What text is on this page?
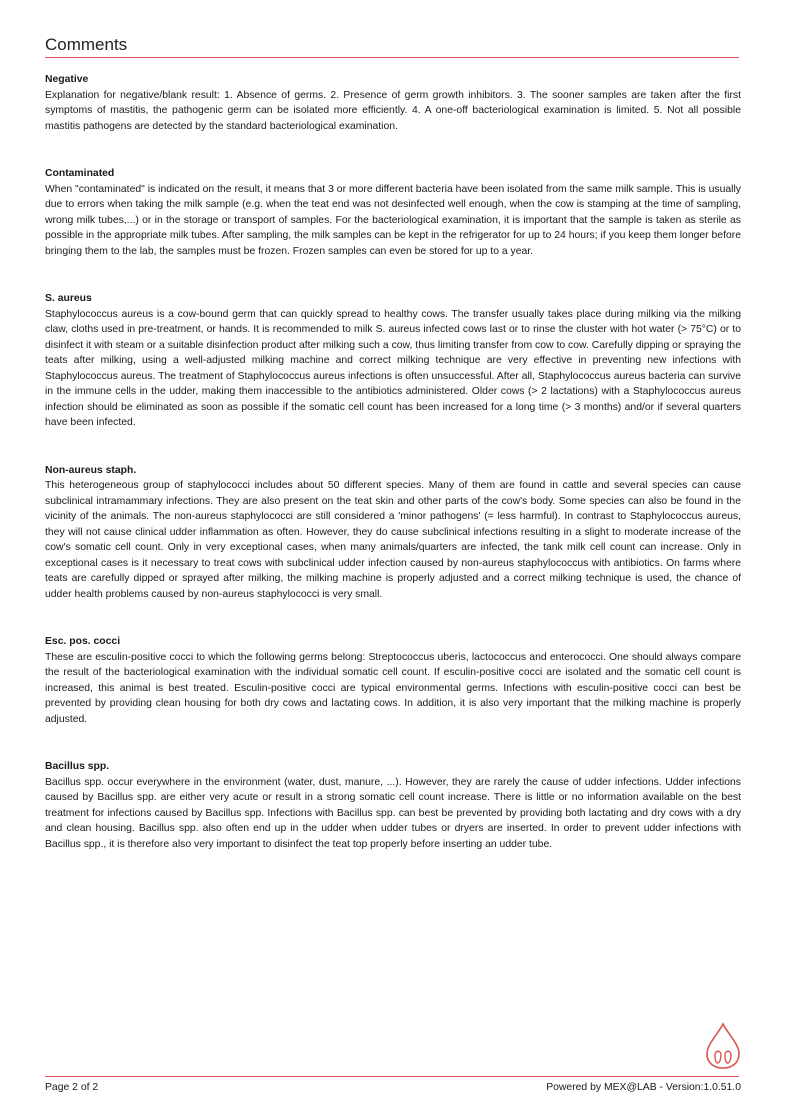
Comments

Negative

Explanation for negative/blank result: 1. Absence of germs. 2. Presence of germ growth inhibitors. 3. The sooner samples are taken after the first symptoms of mastitis, the pathogenic germ can be isolated more efficiently. 4. A one-off bacteriological examination is limited. 5. Not all possible mastitis pathogens are detected by the standard bacteriological examination.

Contaminated

When "contaminated" is indicated on the result, it means that 3 or more different bacteria have been isolated from the same milk sample. This is usually due to errors when taking the milk sample (e.g. when the teat end was not desinfected well enough, when the cow is stamping at the time of sampling, wrong milk tubes,...) or in the storage or transport of samples. For the bacteriological examination, it is important that the sample is taken as sterile as possible in the appropriate milk tubes. After sampling, the milk samples can be kept in the refrigerator for up to 24 hours; if you keep them longer before bringing them to the lab, the samples must be frozen. Frozen samples can even be stored for up to a year.

S. aureus

Staphylococcus aureus is a cow-bound germ that can quickly spread to healthy cows. The transfer usually takes place during milking via the milking claw, cloths used in pre-treatment, or hands. It is recommended to milk S. aureus infected cows last or to rinse the cluster with hot water (> 75°C) or to disinfect it with steam or a suitable disinfection product after milking such a cow, thus limiting transfer from cow to cow. Carefully dipping or spraying the teats after milking, using a well-adjusted milking machine and correct milking technique are very effective in preventing new infections with Staphylococcus aureus. The treatment of Staphylococcus aureus infections is often unsuccessful. After all, Staphylococcus aureus bacteria can survive in the immune cells in the udder, making them inaccessible to the antibiotics administered. Older cows (> 2 lactations) with a Staphylococcus aureus infection should be eliminated as soon as possible if the somatic cell count has been increased for a long time (> 3 months) and/or if several quarters have been infected.

Non-aureus staph.

This heterogeneous group of staphylococci includes about 50 different species. Many of them are found in cattle and several species can cause subclinical intramammary infections. They are also present on the teat skin and other parts of the cow's body. Some species can also be found in the vicinity of the animals. The non-aureus staphylococci are still considered a 'minor pathogens' (= less harmful). In contrast to Staphylococcus aureus, they will not cause clinical udder inflammation as often. However, they do cause subclinical infections resulting in a slight to moderate increase of the cow's somatic cell count. Only in very exceptional cases, when many animals/quarters are infected, the tank milk cell count can increase. Only in exceptional cases is it necessary to treat cows with subclinical udder infection caused by non-aureus staphylococcus with antibiotics. On farms where teats are carefully dipped or sprayed after milking, the milking machine is properly adjusted and a correct milking technique is used, the chance of udder health problems caused by non-aureus staphylococci is very small.

Esc. pos. cocci

These are esculin-positive cocci to which the following germs belong: Streptococcus uberis, lactococcus and enterococci. One should always compare the result of the bacteriological examination with the individual somatic cell count. If esculin-positive cocci are isolated and the somatic cell count is increased, this animal is best treated. Esculin-positive cocci are typical environmental germs. Infections with esculin-positive cocci can best be prevented by providing clean housing for both dry cows and lactating cows. In addition, it is also very important that the milking machine is properly adjusted.

Bacillus spp.

Bacillus spp. occur everywhere in the environment (water, dust, manure, ...). However, they are rarely the cause of udder infections. Udder infections caused by Bacillus spp. are either very acute or result in a strong somatic cell count increase. There is little or no information available on the best treatment for infections caused by Bacillus spp. Infections with Bacillus spp. can best be prevented by providing both lactating and dry cows with a dry and clean housing. Bacillus spp. also often end up in the udder when udder tubes or dryers are inserted. In order to prevent udder infections with Bacillus spp., it is therefore also very important to disinfect the teat top properly before inserting an udder tube.

Page 2 of 2	Powered by MEX@LAB - Version:1.0.51.0
